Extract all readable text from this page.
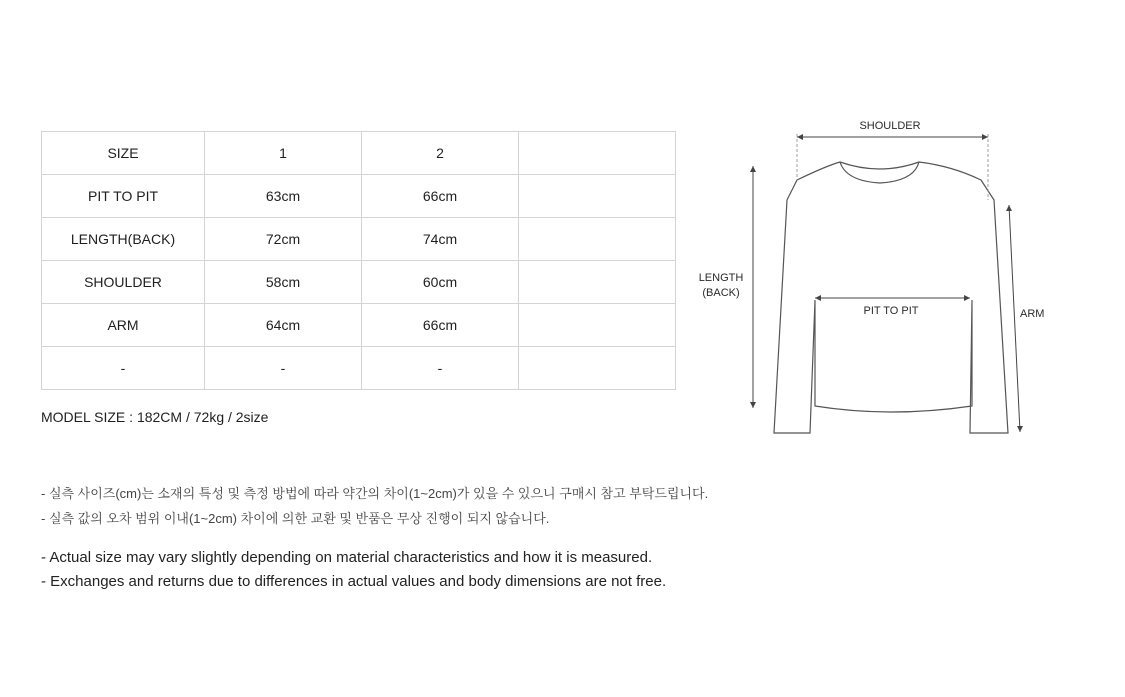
SIZE	1	2	
PIT TO PIT	63cm	66cm	
LENGTH(BACK)	72cm	74cm	
SHOULDER	58cm	60cm	
ARM	64cm	66cm	
-	-	-	
MODEL SIZE : 182CM / 72kg / 2size
SHOULDER
LENGTH
(BACK)
PIT TO PIT	ARM
- 실측 사이즈(cm)는 소재의 특성 및 측정 방법에 따라 약간의 차이(1~2cm)가 있을 수 있으니 구매시 참고 부탁드립니다.
- 실측 값의 오차 범위 이내(1~2cm) 차이에 의한 교환 및 반품은 무상 진행이 되지 않습니다.
- Actual size may vary slightly depending on material characteristics and how it is measured.
- Exchanges and returns due to differences in actual values and body dimensions are not free.
